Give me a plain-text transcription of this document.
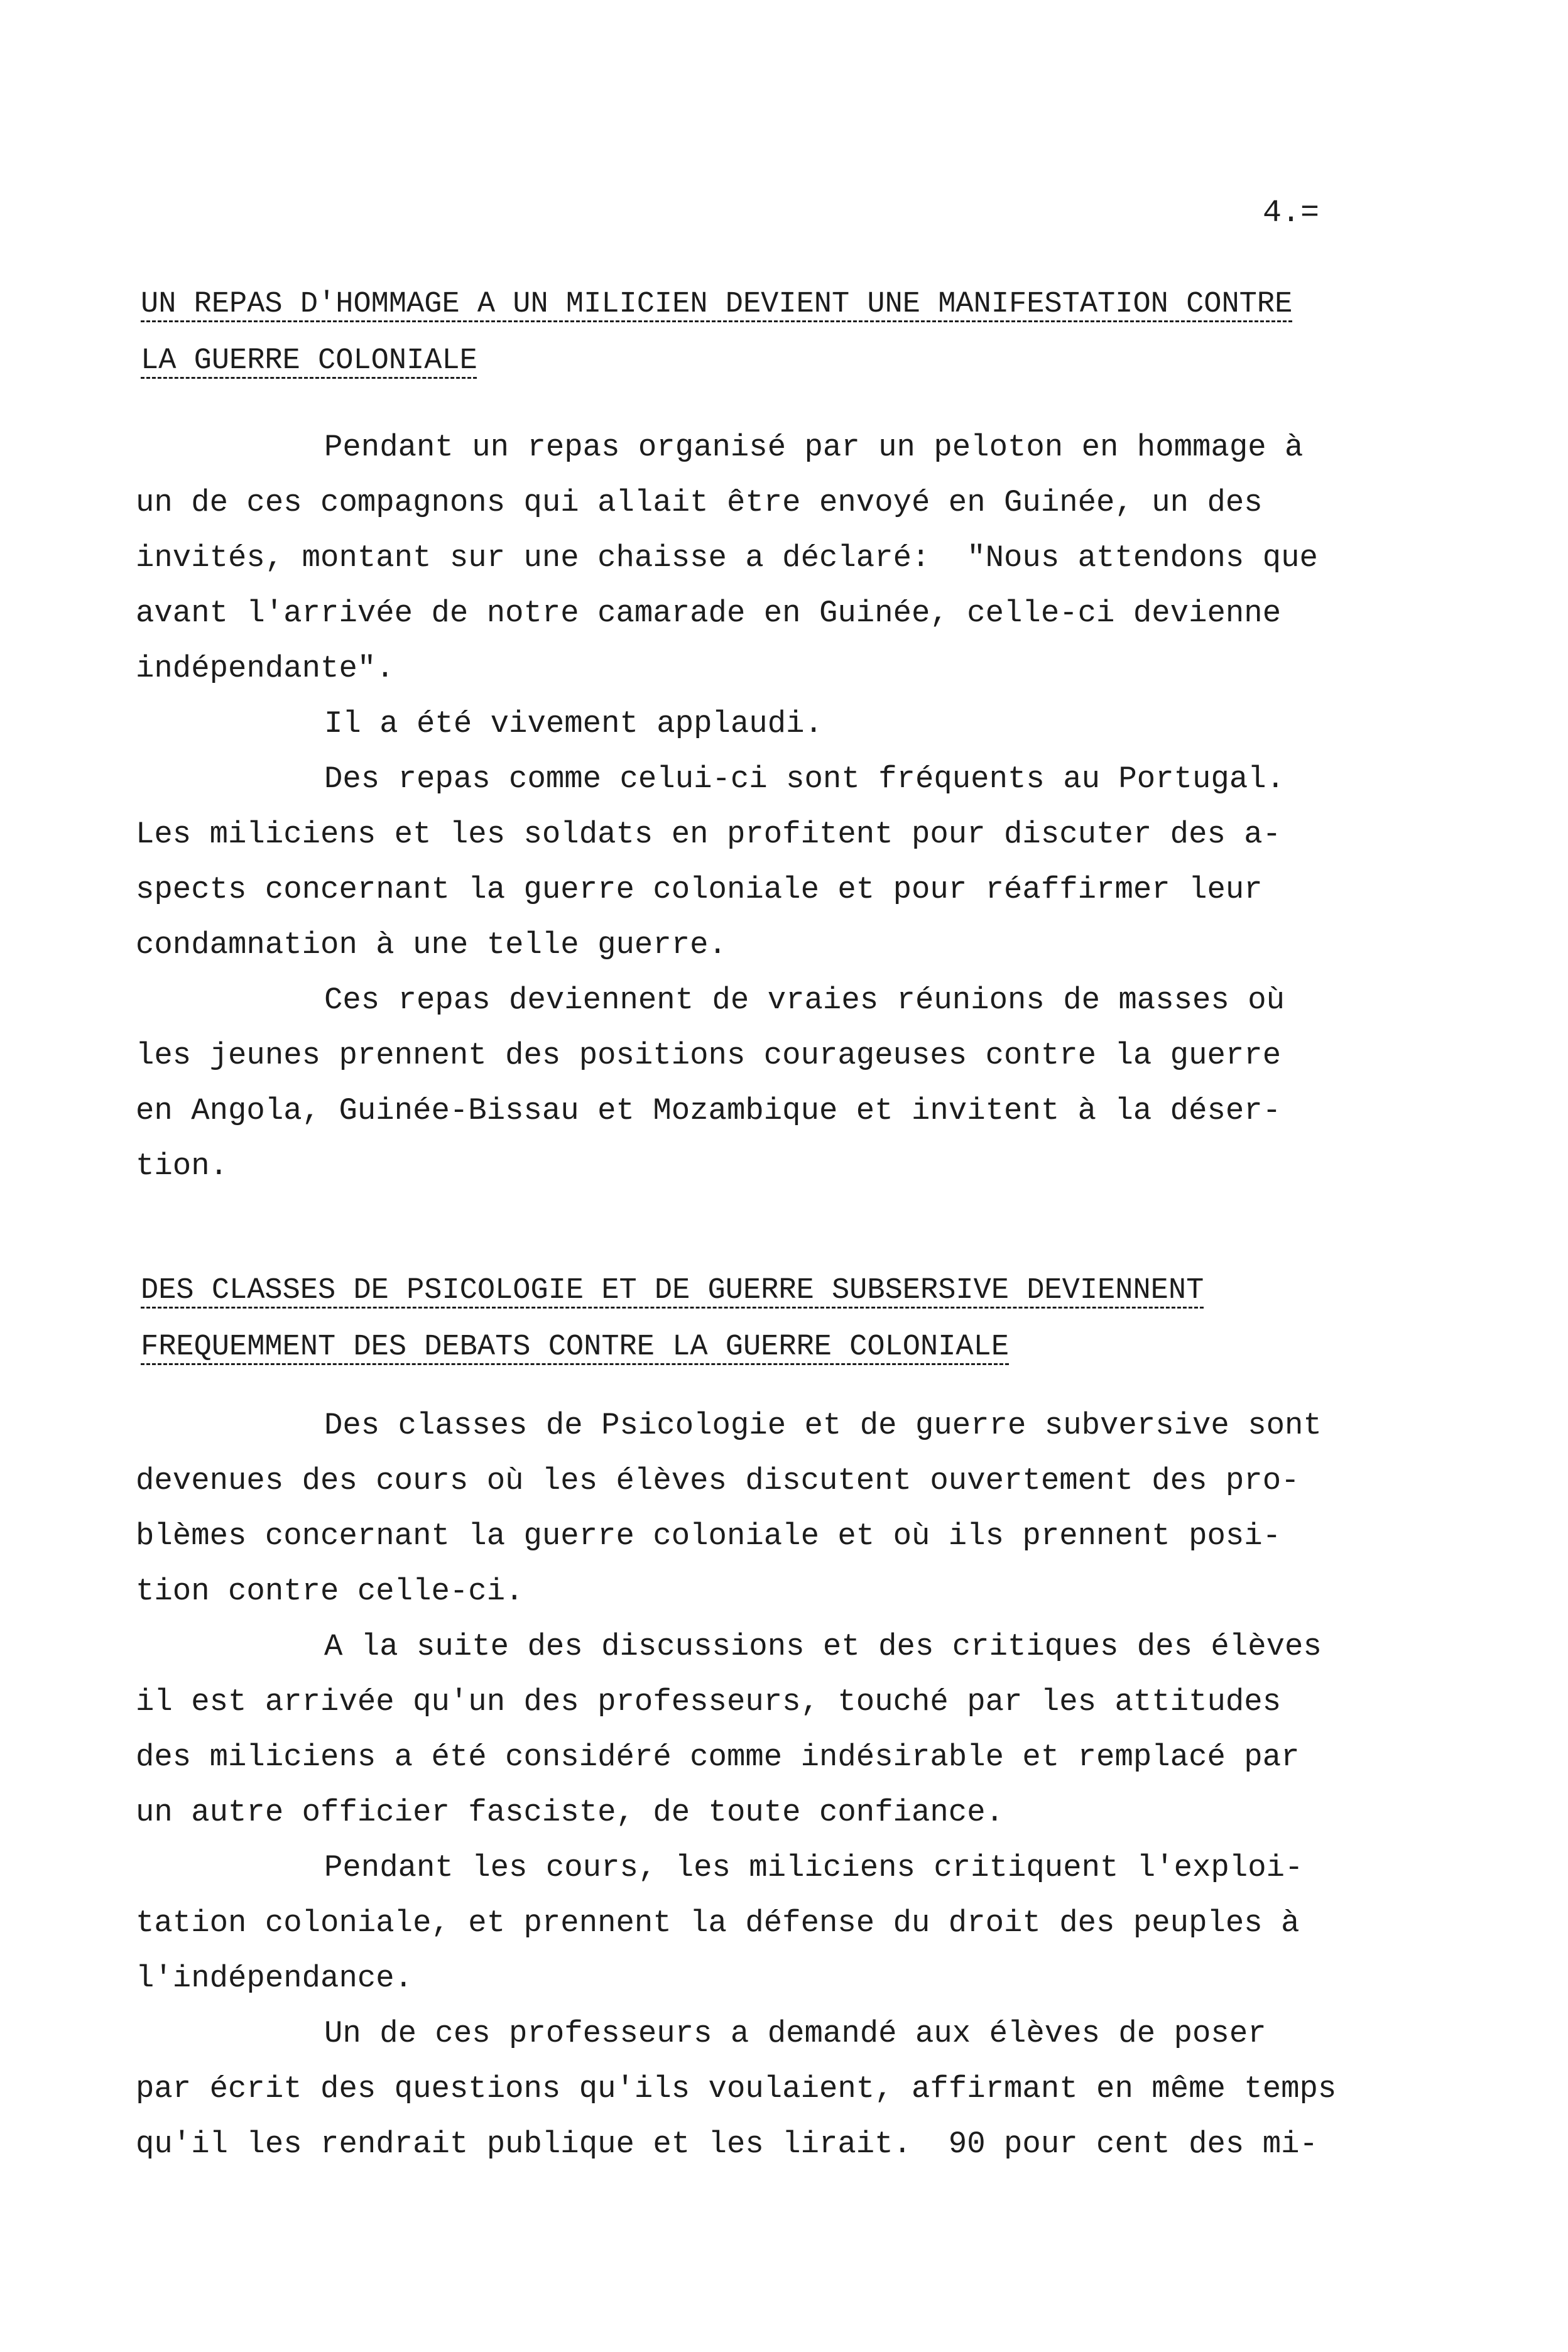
4.=
UN REPAS D'HOMMAGE A UN MILICIEN DEVIENT UNE MANIFESTATION CONTRE
LA GUERRE COLONIALE
Pendant un repas organisé par un peloton en hommage à
un de ces compagnons qui allait être envoyé en Guinée, un des
invités, montant sur une chaisse a déclaré:  "Nous attendons que
avant l'arrivée de notre camarade en Guinée, celle-ci devienne
indépendante".
Il a été vivement applaudi.
Des repas comme celui-ci sont fréquents au Portugal.
Les miliciens et les soldats en profitent pour discuter des a-
spects concernant la guerre coloniale et pour réaffirmer leur
condamnation à une telle guerre.
Ces repas deviennent de vraies réunions de masses où
les jeunes prennent des positions courageuses contre la guerre
en Angola, Guinée-Bissau et Mozambique et invitent à la déser-
tion.
DES CLASSES DE PSICOLOGIE ET DE GUERRE SUBSERSIVE DEVIENNENT
FREQUEMMENT DES DEBATS CONTRE LA GUERRE COLONIALE
Des classes de Psicologie et de guerre subversive sont
devenues des cours où les élèves discutent ouvertement des pro-
blèmes concernant la guerre coloniale et où ils prennent posi-
tion contre celle-ci.
A la suite des discussions et des critiques des élèves
il est arrivée qu'un des professeurs, touché par les attitudes
des miliciens a été considéré comme indésirable et remplacé par
un autre officier fasciste, de toute confiance.
Pendant les cours, les miliciens critiquent l'exploi-
tation coloniale, et prennent la défense du droit des peuples à
l'indépendance.
Un de ces professeurs a demandé aux élèves de poser
par écrit des questions qu'ils voulaient, affirmant en même temps
qu'il les rendrait publique et les lirait.  90 pour cent des mi-
